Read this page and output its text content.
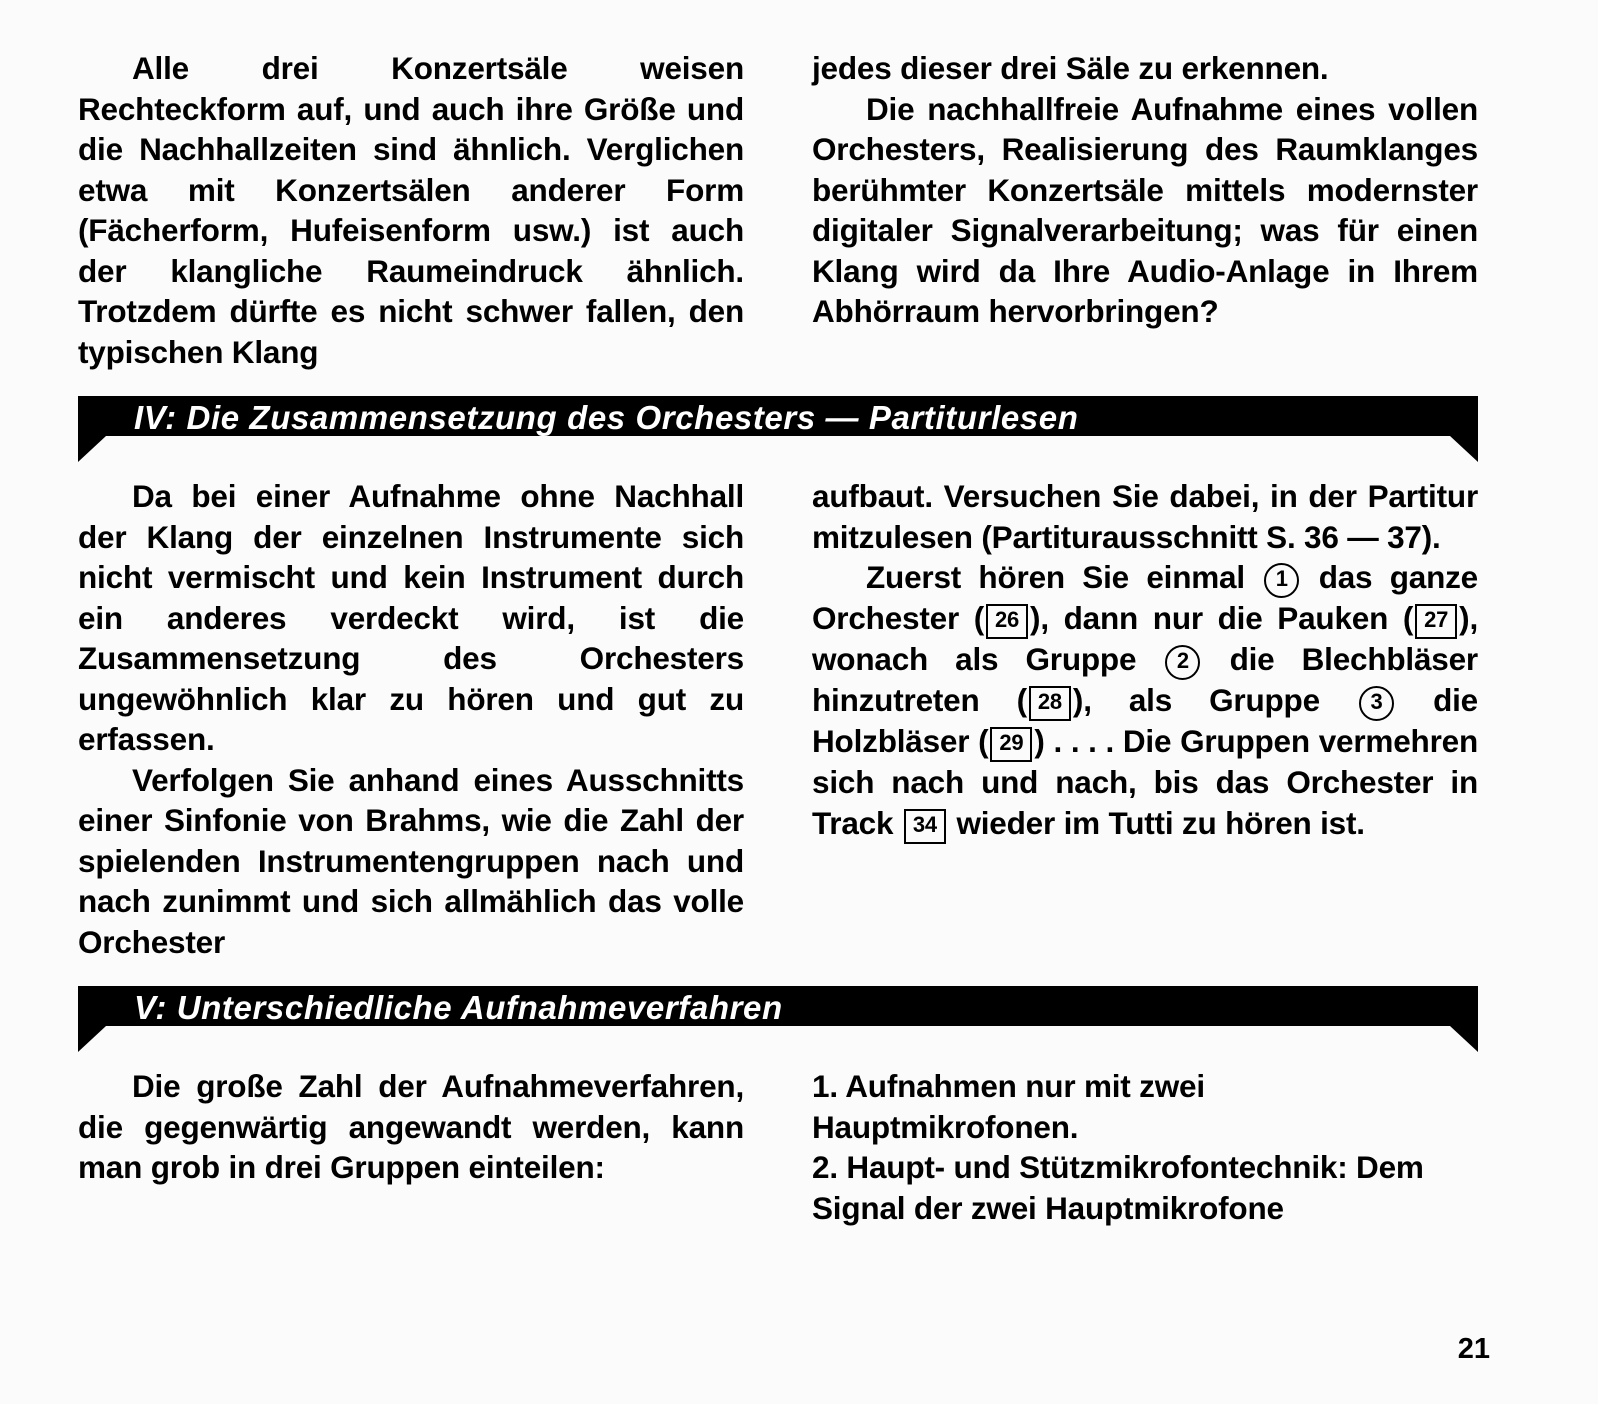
Alle drei Konzertsäle weisen Rechteckform auf, und auch ihre Größe und die Nachhallzeiten sind ähnlich. Verglichen etwa mit Konzertsälen anderer Form (Fächerform, Hufeisenform usw.) ist auch der klangliche Raumeindruck ähnlich. Trotzdem dürfte es nicht schwer fallen, den typischen Klang

jedes dieser drei Säle zu erkennen.

Die nachhallfreie Aufnahme eines vollen Orchesters, Realisierung des Raumklanges berühmter Konzertsäle mittels modernster digitaler Signalverarbeitung; was für einen Klang wird da Ihre Audio-Anlage in Ihrem Abhörraum hervorbringen?

IV: Die Zusammensetzung des Orchesters — Partiturlesen

Da bei einer Aufnahme ohne Nachhall der Klang der einzelnen Instrumente sich nicht vermischt und kein Instrument durch ein anderes verdeckt wird, ist die Zusammensetzung des Orchesters ungewöhnlich klar zu hören und gut zu erfassen.

Verfolgen Sie anhand eines Ausschnitts einer Sinfonie von Brahms, wie die Zahl der spielenden Instrumentengruppen nach und nach zunimmt und sich allmählich das volle Orchester

aufbaut. Versuchen Sie dabei, in der Partitur mitzulesen (Partiturausschnitt S. 36 — 37).

Zuerst hören Sie einmal 1 das ganze Orchester ( 26 ), dann nur die Pauken ( 27 ), wonach als Gruppe 2 die Blechbläser hinzutreten ( 28 ), als Gruppe 3 die Holzbläser ( 29 ) . . . . Die Gruppen vermehren sich nach und nach, bis das Orchester in Track 34 wieder im Tutti zu hören ist.

V: Unterschiedliche Aufnahmeverfahren

Die große Zahl der Aufnahmeverfahren, die gegenwärtig angewandt werden, kann man grob in drei Gruppen einteilen:

1. Aufnahmen nur mit zwei Hauptmikrofonen.

2. Haupt- und Stützmikrofontechnik: Dem Signal der zwei Hauptmikrofone

21
